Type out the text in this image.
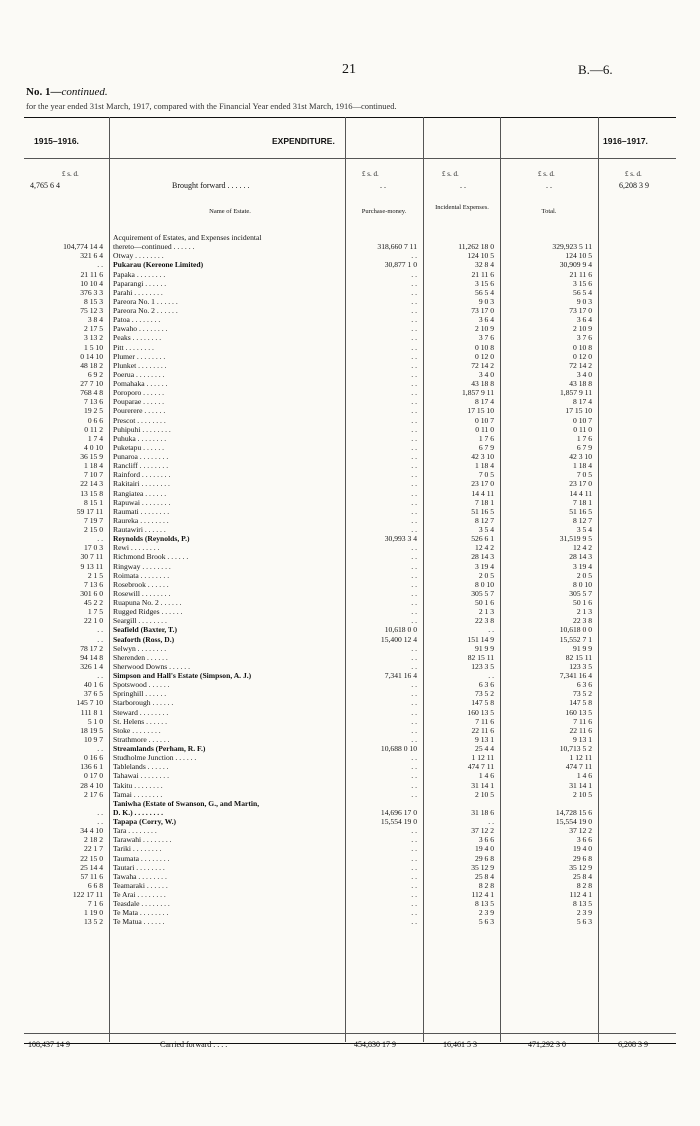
21	B.—6.
No. 1—continued.
for the year ended 31st March, 1917, compared with the Financial Year ended 31st March, 1916—continued.
1915–1916.	EXPENDITURE.	1916–1917.
£ s. d.	£ s. d.	£ s. d.	£ s. d.	£ s. d.
4,765 6 4	Brought forward . . . . . .	. .	. .	. .	6,208 3 9
Name of Estate.	Purchase-money.
Incidental Expenses.
Total.
	Acquirement of Estates, and Expenses incidental				
104,774 14 4	thereto—continued . . . . . .	318,660 7 11	11,262 18 0	329,923 5 11	
321 6 4	Otway . . . . . . . .	. .	124 10 5	124 10 5	
. .	Pukarau (Kereone Limited)	30,877 1 0	32 8 4	30,909 9 4	
21 11 6	Papaka . . . . . . . .	. .	21 11 6	21 11 6	
10 10 4	Paparangi . . . . . .	. .	3 15 6	3 15 6	
376 3 3	Parahi . . . . . . . .	. .	56 5 4	56 5 4	
8 15 3	Pareora No. 1 . . . . . .	. .	9 0 3	9 0 3	
75 12 3	Pareora No. 2 . . . . . .	. .	73 17 0	73 17 0	
3 8 4	Patoa . . . . . . . .	. .	3 6 4	3 6 4	
2 17 5	Pawaho . . . . . . . .	. .	2 10 9	2 10 9	
3 13 2	Peaks . . . . . . . .	. .	3 7 6	3 7 6	
1 5 10	Pitt . . . . . . . .	. .	0 10 8	0 10 8	
0 14 10	Plumer . . . . . . . .	. .	0 12 0	0 12 0	
48 18 2	Plunket . . . . . . . .	. .	72 14 2	72 14 2	
6 9 2	Poerua . . . . . . . .	. .	3 4 0	3 4 0	
27 7 10	Pomahaka . . . . . .	. .	43 18 8	43 18 8	
768 4 8	Poroporo . . . . . .	. .	1,857 9 11	1,857 9 11	
7 13 6	Pouparae . . . . . .	. .	8 17 4	8 17 4	
19 2 5	Pourerere . . . . . .	. .	17 15 10	17 15 10	
0 6 6	Prescot . . . . . . . .	. .	0 10 7	0 10 7	
0 11 2	Puhipuhi . . . . . . . .	. .	0 11 0	0 11 0	
1 7 4	Puhuka . . . . . . . .	. .	1 7 6	1 7 6	
4 0 10	Puketapu . . . . . .	. .	6 7 9	6 7 9	
36 15 9	Punaroa . . . . . . . .	. .	42 3 10	42 3 10	
1 18 4	Rancliff . . . . . . . .	. .	1 18 4	1 18 4	
7 10 7	Rainford . . . . . . . .	. .	7 0 5	7 0 5	
22 14 3	Rakitairi . . . . . . . .	. .	23 17 0	23 17 0	
13 15 8	Rangiatea . . . . . .	. .	14 4 11	14 4 11	
8 15 1	Rapuwai . . . . . . . .	. .	7 18 1	7 18 1	
59 17 11	Raumati . . . . . . . .	. .	51 16 5	51 16 5	
7 19 7	Raureka . . . . . . . .	. .	8 12 7	8 12 7	
2 15 0	Rautawiri . . . . . .	. .	3 5 4	3 5 4	
. .	Reynolds (Reynolds, P.)	30,993 3 4	526 6 1	31,519 9 5	
17 0 3	Rewi . . . . . . . .	. .	12 4 2	12 4 2	
30 7 11	Richmond Brook . . . . . .	. .	28 14 3	28 14 3	
9 13 11	Ringway . . . . . . . .	. .	3 19 4	3 19 4	
2 1 5	Roimata . . . . . . . .	. .	2 0 5	2 0 5	
7 13 6	Rosebrook . . . . . .	. .	8 0 10	8 0 10	
301 6 0	Rosewill . . . . . . . .	. .	305 5 7	305 5 7	
45 2 2	Ruapuna No. 2 . . . . . .	. .	50 1 6	50 1 6	
1 7 5	Rugged Ridges . . . . . .	. .	2 1 3	2 1 3	
22 1 0	Seargill . . . . . . . .	. .	22 3 8	22 3 8	
. .	Seafield (Baxter, T.)	10,618 0 0	. .	10,618 0 0	
. .	Seaforth (Ross, D.)	15,400 12 4	151 14 9	15,552 7 1	
78 17 2	Selwyn . . . . . . . .	. .	91 9 9	91 9 9	
94 14 8	Sherenden . . . . . .	. .	82 15 11	82 15 11	
326 1 4	Sherwood Downs . . . . . .	. .	123 3 5	123 3 5	
. .	Simpson and Hall's Estate (Simpson, A. J.)	7,341 16 4	. .	7,341 16 4	
40 1 6	Spotswood . . . . . .	. .	6 3 6	6 3 6	
37 6 5	Springhill . . . . . .	. .	73 5 2	73 5 2	
145 7 10	Starborough . . . . . .	. .	147 5 8	147 5 8	
111 8 1	Steward . . . . . . . .	. .	160 13 5	160 13 5	
5 1 0	St. Helens . . . . . .	. .	7 11 6	7 11 6	
18 19 5	Stoke . . . . . . . .	. .	22 11 6	22 11 6	
10 9 7	Strathmore . . . . . .	. .	9 13 1	9 13 1	
. .	Streamlands (Perham, R. F.)	10,688 0 10	25 4 4	10,713 5 2	
0 16 6	Studholme Junction . . . . . .	. .	1 12 11	1 12 11	
136 6 1	Tablelands . . . . . .	. .	474 7 11	474 7 11	
0 17 0	Tahawai . . . . . . . .	. .	1 4 6	1 4 6	
28 4 10	Takitu . . . . . . . .	. .	31 14 1	31 14 1	
2 17 6	Tamai . . . . . . . .	. .	2 10 5	2 10 5	
	Taniwha (Estate of Swanson, G., and Martin,				
. .	D. K.) . . . . . . . .	14,696 17 0	31 18 6	14,728 15 6	
. .	Tapapa (Corry, W.)	15,554 19 0	. .	15,554 19 0	
34 4 10	Tara . . . . . . . .	. .	37 12 2	37 12 2	
2 18 2	Tarawahi . . . . . . . .	. .	3 6 6	3 6 6	
22 1 7	Tariki . . . . . . . .	. .	19 4 0	19 4 0	
22 15 0	Taumata . . . . . . . .	. .	29 6 8	29 6 8	
25 14 4	Tautari . . . . . . . .	. .	35 12 9	35 12 9	
57 11 6	Tawaha . . . . . . . .	. .	25 8 4	25 8 4	
6 6 8	Teamaraki . . . . . .	. .	8 2 8	8 2 8	
122 17 11	Te Arai . . . . . . . .	. .	112 4 1	112 4 1	
7 1 6	Teasdale . . . . . . . .	. .	8 13 5	8 13 5	
1 19 0	Te Mata . . . . . . . .	. .	2 3 9	2 3 9	
13 5 2	Te Matua . . . . . .	. .	5 6 3	5 6 3	
108,437 14 9	Carried forward . . . .	454,830 17 9	16,461 5 3	471,292 3 0	6,208 3 9
